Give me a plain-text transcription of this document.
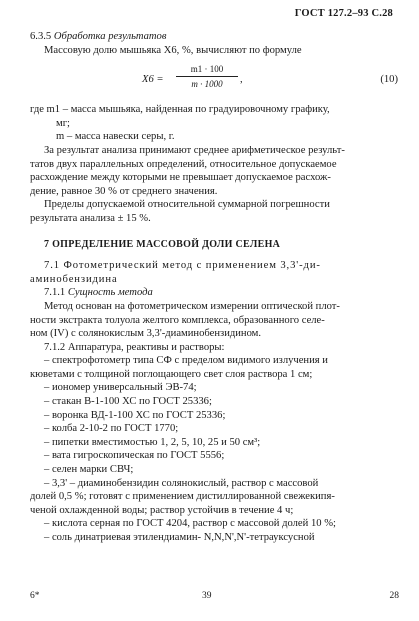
ГОСТ 127.2–93 С.28
6.3.5 Обработка результатов
Массовую долю мышьяка X6, %, вычисляют по формуле
$X6 = \frac{m1 \cdot 100}{m \cdot 1000}$ ,	(10)
где m1 – масса мышьяка, найденная по градуировочному графику,
мг;
m – масса навески серы, г.
За результат анализа принимают среднее арифметическое результ-
татов двух параллельных определений, относительное допускаемое
расхождение между которыми не превышает допускаемое расхож-
дение, равное 30 % от среднего значения.
Пределы допускаемой относительной суммарной погрешности
результата анализа ± 15 %.
7 ОПРЕДЕЛЕНИЕ МАССОВОЙ ДОЛИ СЕЛЕНА
7.1 Фотометрический метод с применением 3,3'-ди-
аминобензидина
7.1.1 Сущность метода
Метод основан на фотометрическом измерении оптической плот-
ности экстракта толуола желтого комплекса, образованного селе-
ном (IV) с солянокислым 3,3'-диаминобензидином.
7.1.2 Аппаратура, реактивы и растворы:
– спектрофотометр типа СФ с пределом видимого излучения и
кюветами с толщиной поглощающего свет слоя раствора 1 см;
– иономер универсальный ЭВ-74;
– стакан В-1-100 ХС по ГОСТ 25336;
– воронка ВД-1-100 ХС по ГОСТ 25336;
– колба 2-10-2 по ГОСТ 1770;
– пипетки вместимостью 1, 2, 5, 10, 25 и 50 см³;
– вата гигроскопическая по ГОСТ 5556;
– селен марки СВЧ;
– 3,3' – диаминобензидин солянокислый, раствор с массовой
долей 0,5 %; готовят с применением дистиллированной свежекипя-
ченой охлажденной воды; раствор устойчив в течение 4 ч;
– кислота серная по ГОСТ 4204, раствор с массовой долей 10 %;
– соль динатриевая этилендиамин- N,N,N',N'-тетрауксусной
6*	39	28
